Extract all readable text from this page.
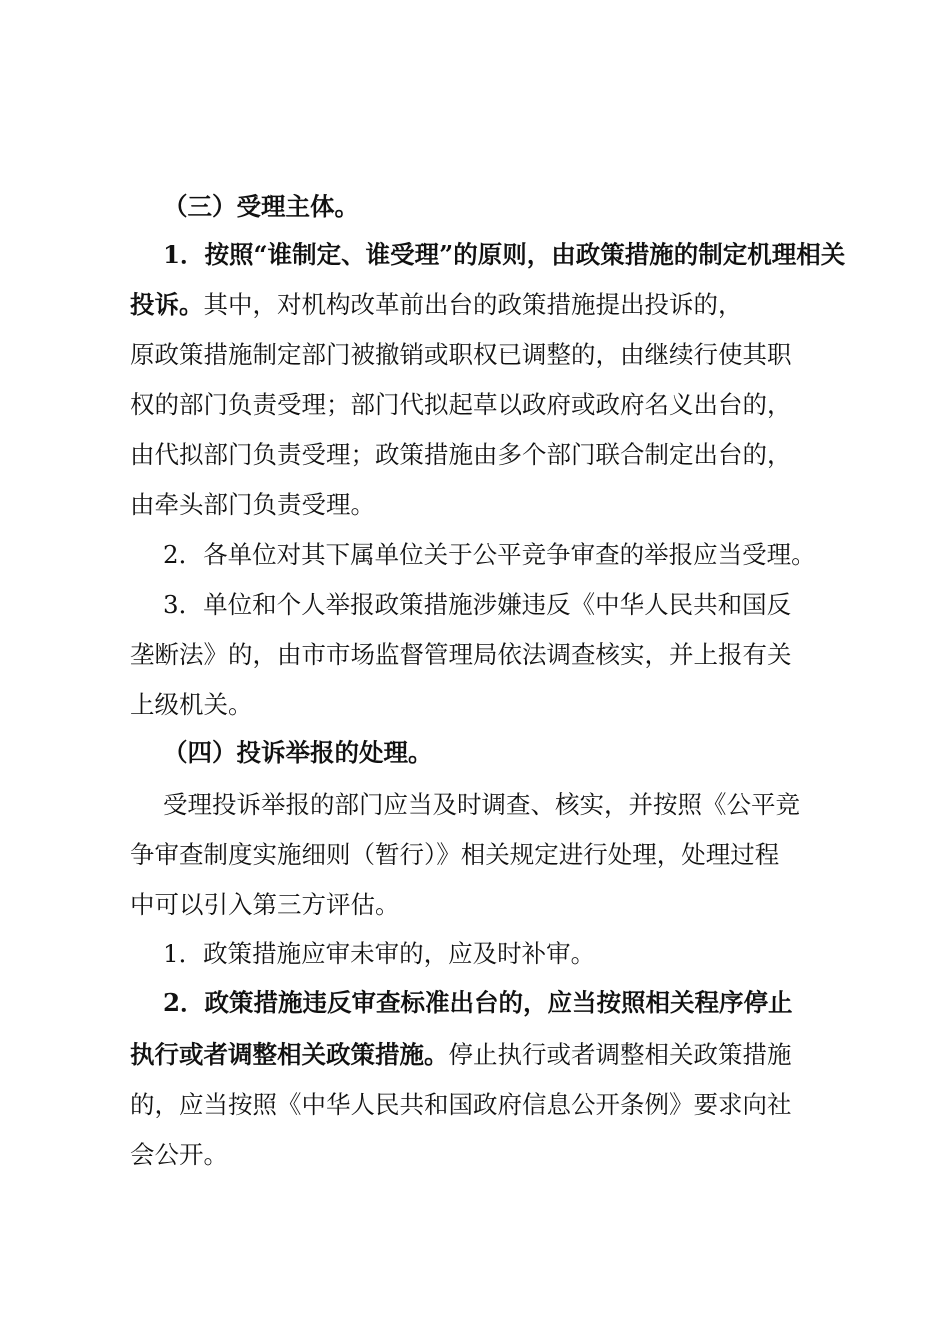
（三）受理主体。
1．按照“谁制定、谁受理”的原则，由政策措施的制定机理相关
投诉。其中，对机构改革前出台的政策措施提出投诉的，
原政策措施制定部门被撤销或职权已调整的，由继续行使其职
权的部门负责受理；部门代拟起草以政府或政府名义出台的，
由代拟部门负责受理；政策措施由多个部门联合制定出台的，
由牵头部门负责受理。
2．各单位对其下属单位关于公平竞争审查的举报应当受理。
3．单位和个人举报政策措施涉嫌违反《中华人民共和国反
垄断法》的，由市市场监督管理局依法调查核实，并上报有关
上级机关。
（四）投诉举报的处理。
受理投诉举报的部门应当及时调查、核实，并按照《公平竞
争审查制度实施细则（暂行）》相关规定进行处理，处理过程
中可以引入第三方评估。
1．政策措施应审未审的，应及时补审。
2．政策措施违反审查标准出台的，应当按照相关程序停止
执行或者调整相关政策措施。停止执行或者调整相关政策措施
的，应当按照《中华人民共和国政府信息公开条例》要求向社
会公开。
